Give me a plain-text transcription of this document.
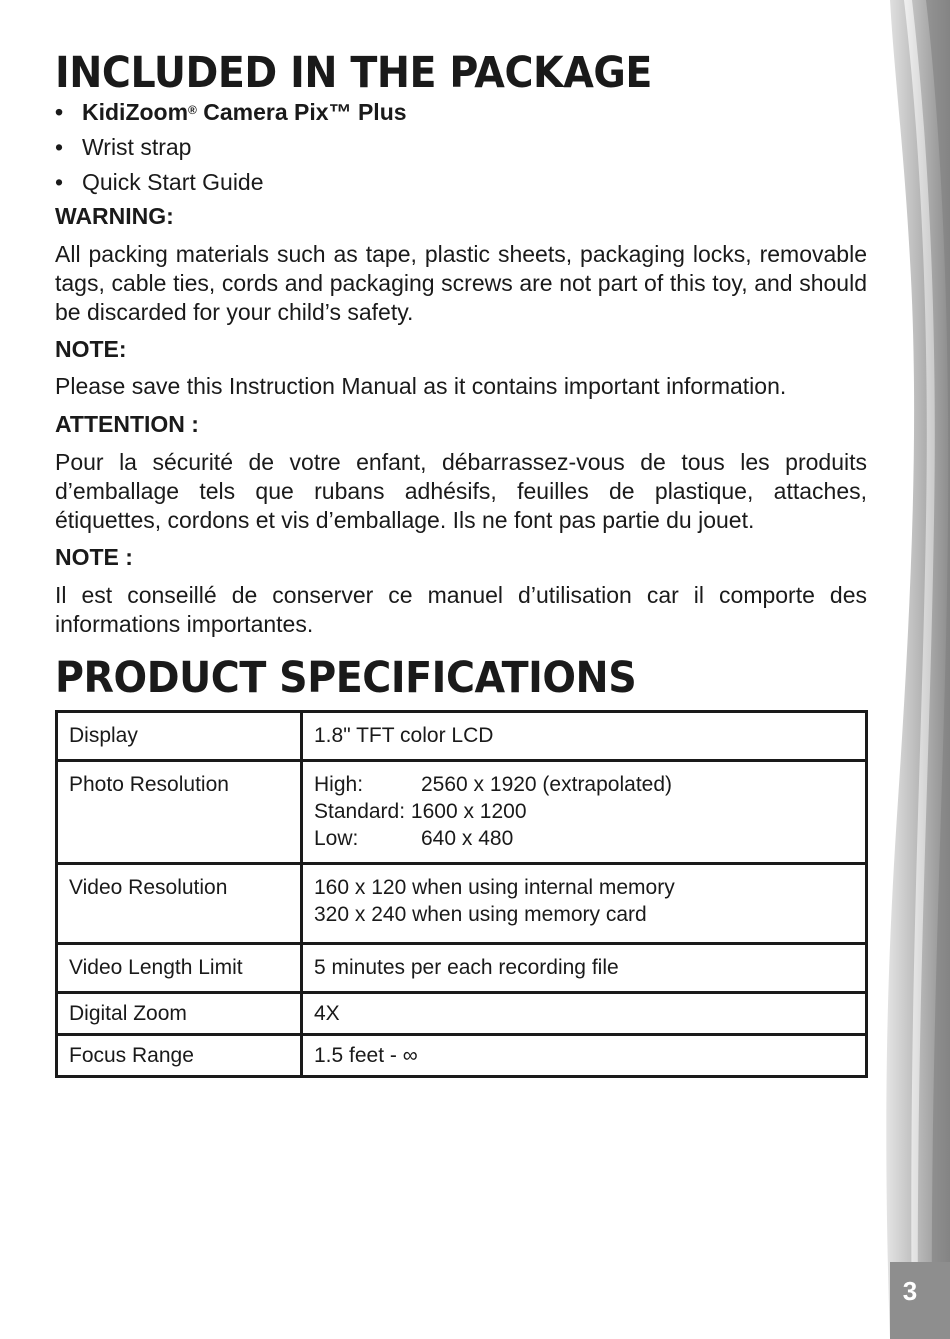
3
INCLUDED IN THE PACKAGE
• KidiZoom® Camera Pix™ Plus
• Wrist strap
• Quick Start Guide
WARNING:
All packing materials such as tape, plastic sheets, packaging locks, removable tags, cable ties, cords and packaging screws are not part of this toy, and should be discarded for your child’s safety.
NOTE:
Please save this Instruction Manual as it contains important information.
ATTENTION :
Pour la sécurité de votre enfant, débarrassez-vous de tous les produits d’emballage tels que rubans adhésifs, feuilles de plastique, attaches, étiquettes, cordons et vis d’emballage. Ils ne font pas partie du jouet.
NOTE :
Il est conseillé de conserver ce manuel d’utilisation car il comporte des informations importantes.
PRODUCT SPECIFICATIONS
Display	1.8" TFT color LCD
Photo Resolution	High: 2560 x 1920 (extrapolated)
Standard: 1600 x 1200
Low: 640 x 480

Video Resolution	160 x 120 when using internal memory
320 x 240 when using memory card

Video Length Limit	5 minutes per each recording file
Digital Zoom	4X
Focus Range	1.5 feet - ∞
